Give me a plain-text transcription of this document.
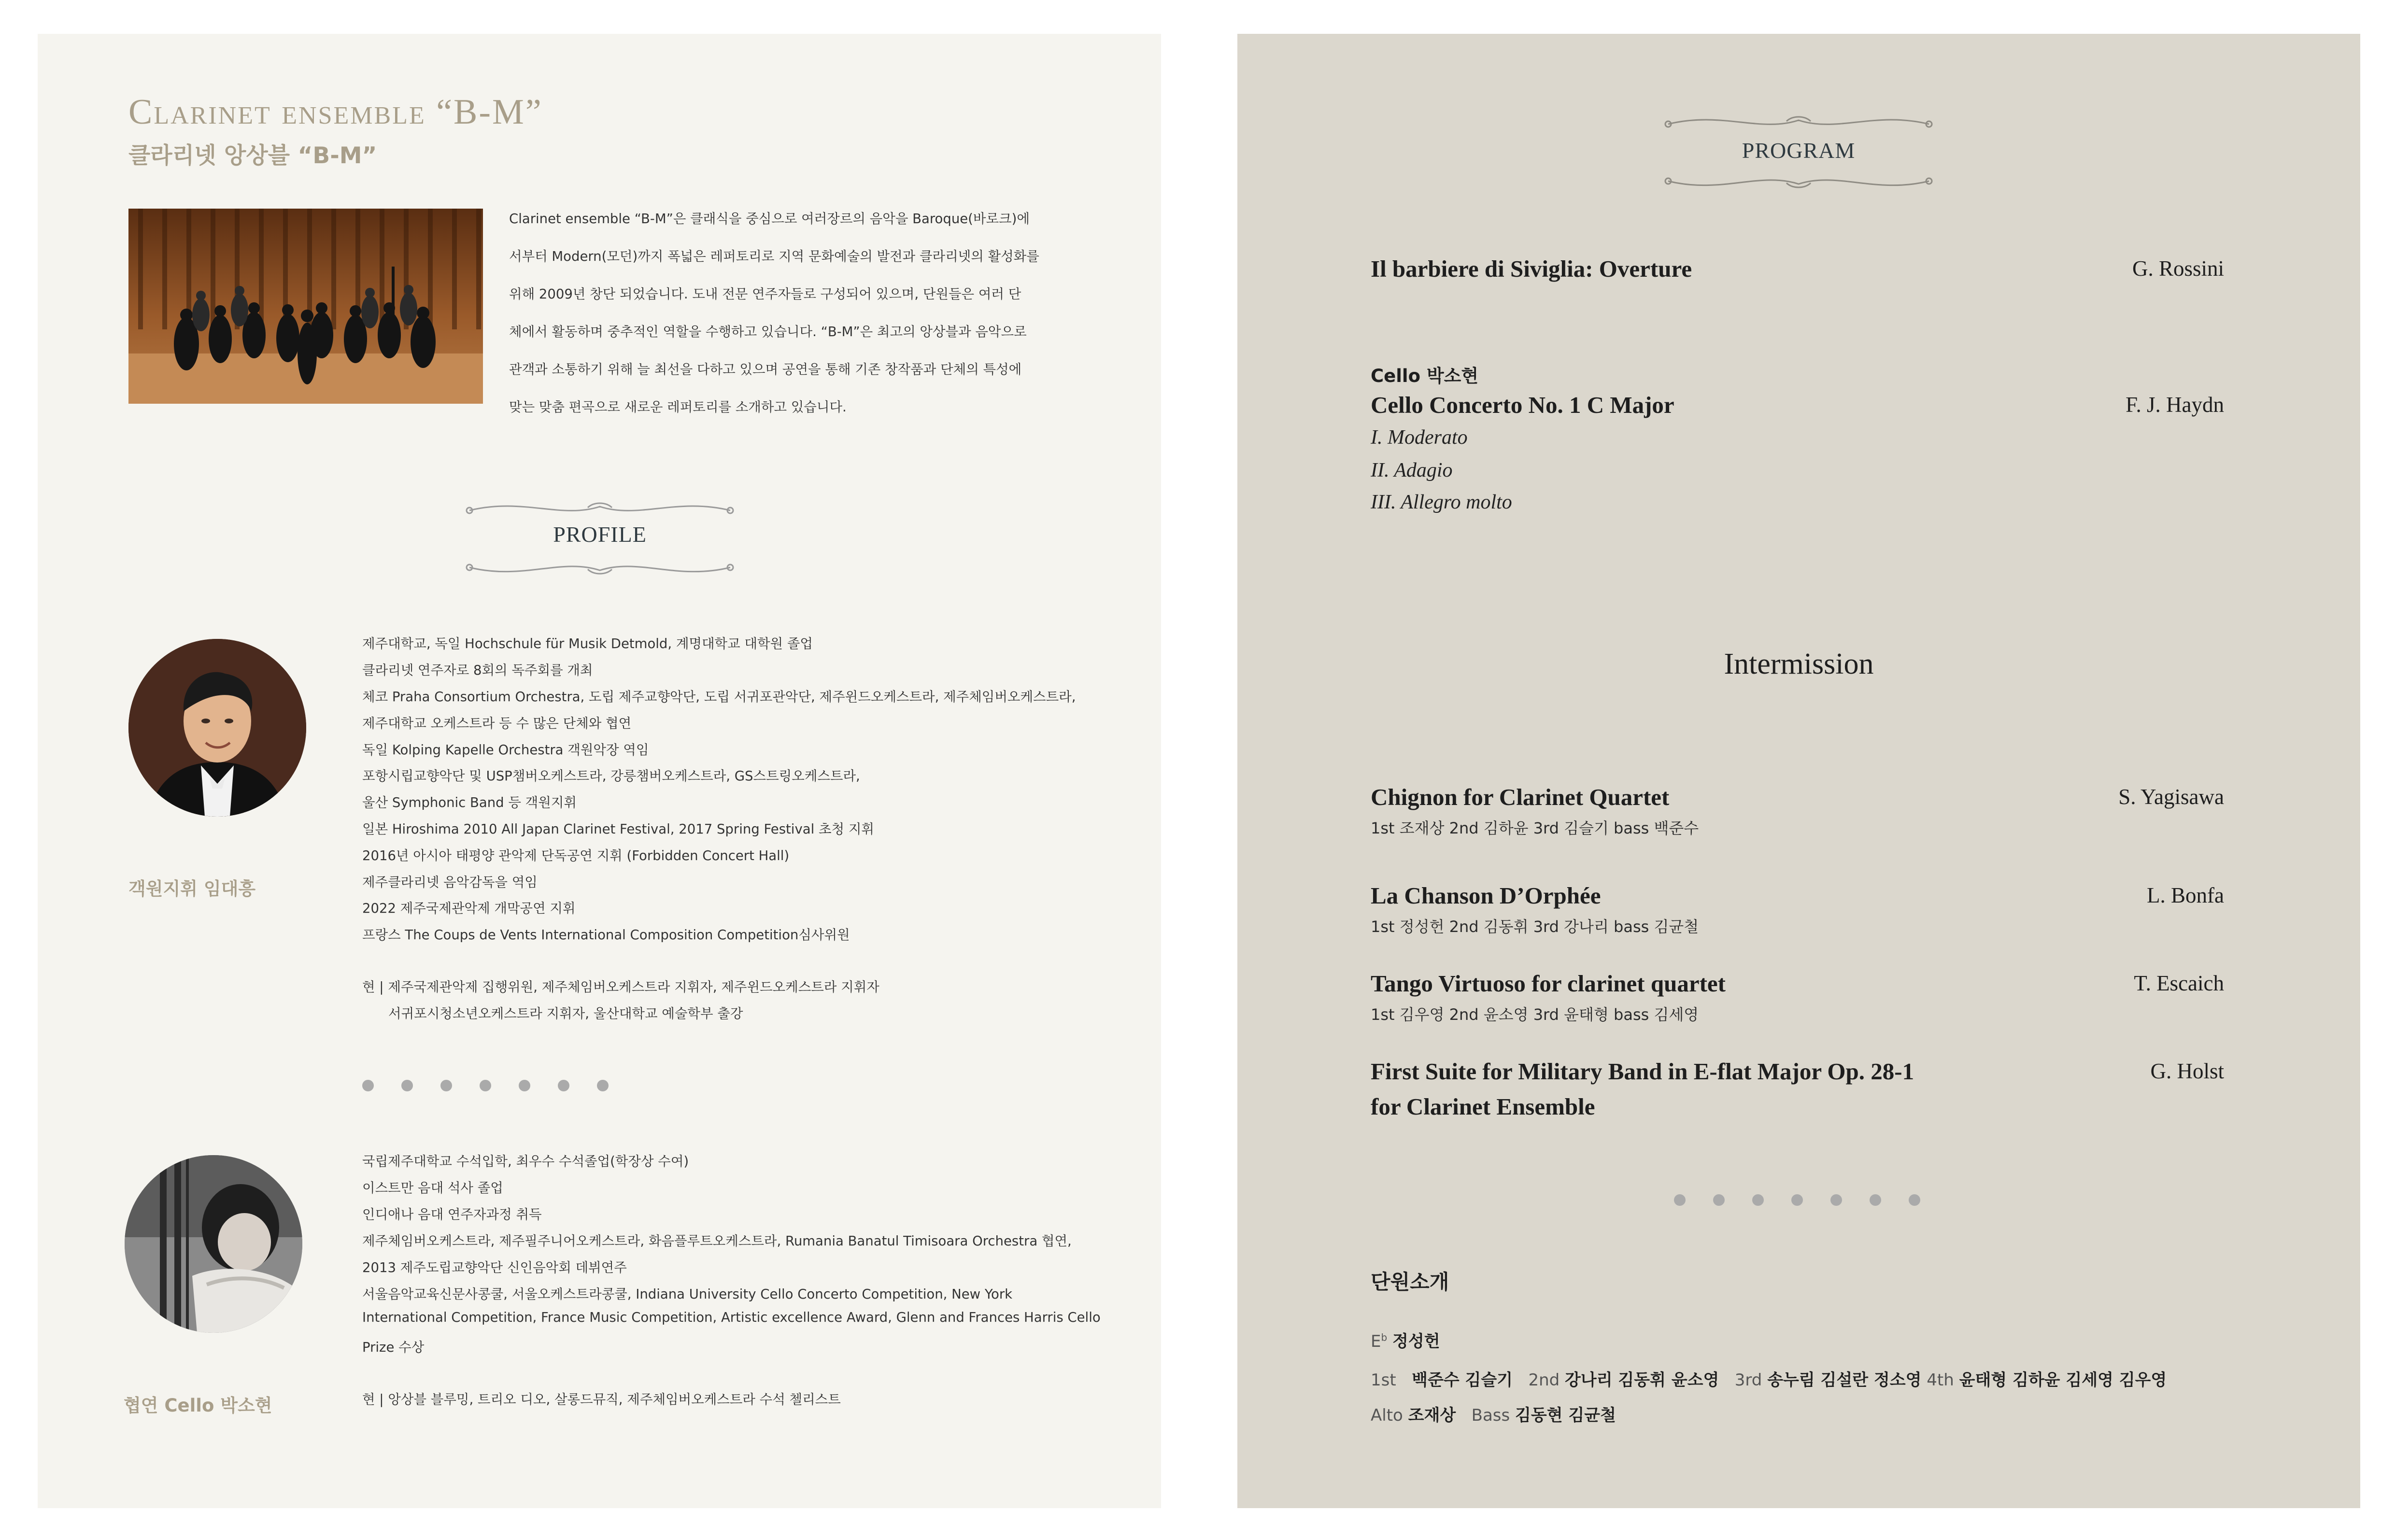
Clarinet ensemble “B-M”
클라리넷 앙상블 “B-M”
Clarinet ensemble “B-M”은 클래식을 중심으로 여러장르의 음악을 Baroque(바로크)에
서부터 Modern(모던)까지 폭넓은 레퍼토리로 지역 문화예술의 발전과 클라리넷의 활성화를
위해 2009년 창단 되었습니다. 도내 전문 연주자들로 구성되어 있으며, 단원들은 여러 단
체에서 활동하며 중추적인 역할을 수행하고 있습니다. “B-M”은 최고의 앙상블과 음악으로
관객과 소통하기 위해 늘 최선을 다하고 있으며 공연을 통해 기존 창작품과 단체의 특성에
맞는 맞춤 편곡으로 새로운 레퍼토리를 소개하고 있습니다.
PROFILE
객원지휘 임대흥
제주대학교, 독일 Hochschule für Musik Detmold, 계명대학교 대학원 졸업
클라리넷 연주자로 8회의 독주회를 개최
체코 Praha Consortium Orchestra, 도립 제주교향악단, 도립 서귀포관악단, 제주윈드오케스트라, 제주체임버오케스트라,
제주대학교 오케스트라 등 수 많은 단체와 협연
독일 Kolping Kapelle Orchestra 객원악장 역임
포항시립교향악단 및 USP챔버오케스트라, 강릉챔버오케스트라, GS스트링오케스트라,
울산 Symphonic Band 등 객원지휘
일본 Hiroshima 2010 All Japan Clarinet Festival, 2017 Spring Festival 초청 지휘
2016년 아시아 태평양 관악제 단독공연 지휘 (Forbidden Concert Hall)
제주클라리넷 음악감독을 역임
2022 제주국제관악제 개막공연 지휘
프랑스 The Coups de Vents International Composition Competition심사위원
현 | 제주국제관악제 집행위원, 제주체임버오케스트라 지휘자, 제주윈드오케스트라 지휘자
서귀포시청소년오케스트라 지휘자, 울산대학교 예술학부 출강
협연 Cello 박소현
국립제주대학교 수석입학, 최우수 수석졸업(학장상 수여)
이스트만 음대 석사 졸업
인디애나 음대 연주자과정 취득
제주체임버오케스트라, 제주필주니어오케스트라, 화음플루트오케스트라, Rumania Banatul Timisoara Orchestra 협연,
2013 제주도립교향악단 신인음악회 데뷔연주
서울음악교육신문사콩쿨, 서울오케스트라콩쿨, Indiana University Cello Concerto Competition, New York
International Competition, France Music Competition, Artistic excellence Award, Glenn and Frances Harris Cello
Prize 수상
현 | 앙상블 블루밍, 트리오 디오, 살롱드뮤직, 제주체임버오케스트라 수석 첼리스트
PROGRAM
Il barbiere di Siviglia: Overture	G. Rossini
Cello 박소현
Cello Concerto No. 1 C Major	F. J. Haydn
I. Moderato
II. Adagio
III. Allegro molto
Intermission
Chignon for Clarinet Quartet	S. Yagisawa
1st 조재상 2nd 김하윤 3rd 김슬기 bass 백준수
La Chanson D’Orphée	L. Bonfa
1st 정성헌 2nd 김동휘 3rd 강나리 bass 김균철
Tango Virtuoso for clarinet quartet	T. Escaich
1st 김우영 2nd 윤소영 3rd 윤태형 bass 김세영
First Suite for Military Band in E-flat Major Op. 28-1
for Clarinet Ensemble
G. Holst
단원소개
$E^b$ 정성헌
1st 백준수 김슬기 2nd 강나리 김동휘 윤소영 3rd 송누림 김설란 정소영 4th 윤태형 김하윤 김세영 김우영
Alto 조재상 Bass 김동현 김균철
